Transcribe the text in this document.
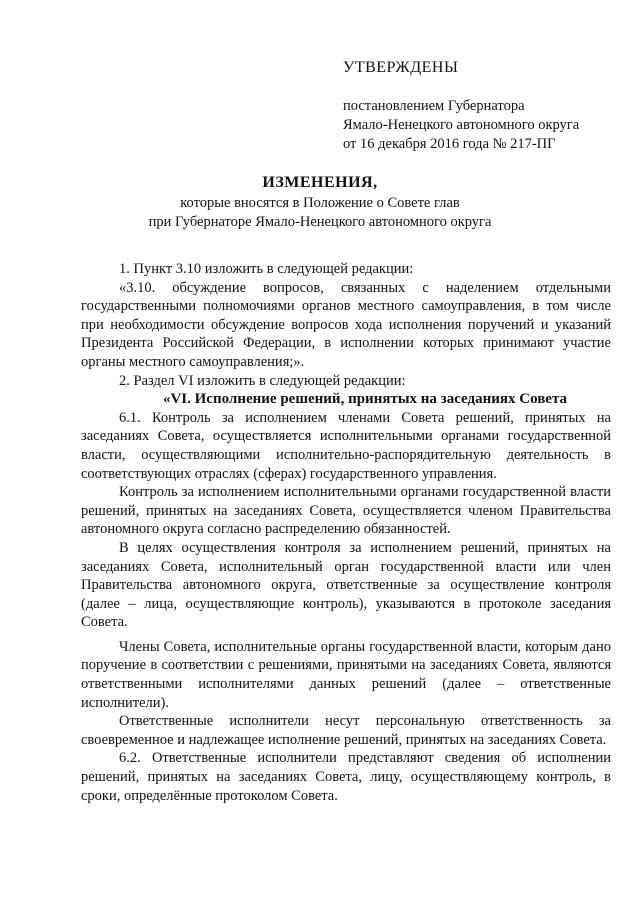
УТВЕРЖДЕНЫ
постановлением Губернатора
Ямало-Ненецкого автономного округа
от 16 декабря 2016 года № 217-ПГ
ИЗМЕНЕНИЯ,
которые вносятся в Положение о Совете глав
при Губернаторе Ямало-Ненецкого автономного округа

1. Пункт 3.10 изложить в следующей редакции:

«3.10. обсуждение вопросов, связанных с наделением отдельными государственными полномочиями органов местного самоуправления, в том числе при необходимости обсуждение вопросов хода исполнения поручений и указаний Президента Российской Федерации, в исполнении которых принимают участие органы местного самоуправления;».

2. Раздел VI изложить в следующей редакции:

«VI. Исполнение решений, принятых на заседаниях Совета

6.1. Контроль за исполнением членами Совета решений, принятых на заседаниях Совета, осуществляется исполнительными органами государственной власти, осуществляющими исполнительно-распорядительную деятельность в соответствующих отраслях (сферах) государственного управления.

Контроль за исполнением исполнительными органами государственной власти решений, принятых на заседаниях Совета, осуществляется членом Правительства автономного округа согласно распределению обязанностей.

В целях осуществления контроля за исполнением решений, принятых на заседаниях Совета, исполнительный орган государственной власти или член Правительства автономного округа, ответственные за осуществление контроля (далее – лица, осуществляющие контроль), указываются в протоколе заседания Совета.

Члены Совета, исполнительные органы государственной власти, которым дано поручение в соответствии с решениями, принятыми на заседаниях Совета, являются ответственными исполнителями данных решений (далее – ответственные исполнители).

Ответственные исполнители несут персональную ответственность за своевременное и надлежащее исполнение решений, принятых на заседаниях Совета.

6.2. Ответственные исполнители представляют сведения об исполнении решений, принятых на заседаниях Совета, лицу, осуществляющему контроль, в сроки, определённые протоколом Совета.
